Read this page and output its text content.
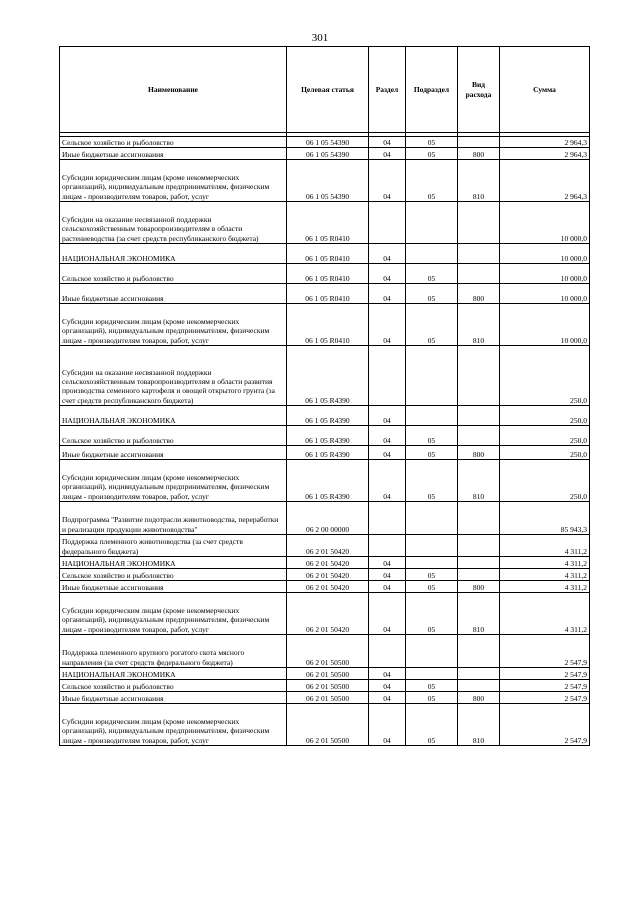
301
Наименование	Целевая статья	Раздел	Подраздел	Вид расхода	Сумма

Сельское хозяйство и рыболовство	06 1 05 54390	04	05		2 964,3
Иные бюджетные ассигнования	06 1 05 54390	04	05	800	2 964,3
Субсидии юридическим лицам (кроме некоммерческих организаций), индивидуальным предпринимателям, физическим лицам - производителям товаров, работ, услуг	06 1 05 54390	04	05	810	2 964,3
Субсидии на оказание несвязанной поддержки сельскохозяйственным товаропроизводителям в области растениеводства (за счет средств республиканского бюджета)	06 1 05 R0410				10 000,0
НАЦИОНАЛЬНАЯ ЭКОНОМИКА	06 1 05 R0410	04			10 000,0
Сельское хозяйство и рыболовство	06 1 05 R0410	04	05		10 000,0
Иные бюджетные ассигнования	06 1 05 R0410	04	05	800	10 000,0
Субсидии юридическим лицам (кроме некоммерческих организаций), индивидуальным предпринимателям, физическим лицам - производителям товаров, работ, услуг	06 1 05 R0410	04	05	810	10 000,0
Субсидии на оказание несвязанной поддержки сельскохозяйственным товаропроизводителям в области развития производства семенного картофеля и овощей открытого грунта (за счет средств республиканского бюджета)	06 1 05 R4390				250,0
НАЦИОНАЛЬНАЯ ЭКОНОМИКА	06 1 05 R4390	04			250,0
Сельское хозяйство и рыболовство	06 1 05 R4390	04	05		250,0
Иные бюджетные ассигнования	06 1 05 R4390	04	05	800	250,0
Субсидии юридическим лицам (кроме некоммерческих организаций), индивидуальным предпринимателям, физическим лицам - производителям товаров, работ, услуг	06 1 05 R4390	04	05	810	250,0
Подпрограмма "Развитие подотрасли животноводства, переработки и реализации продукции животноводства"	06 2 00 00000				85 943,3
Поддержка племенного животноводства (за счет средств федерального бюджета)	06 2 01 50420				4 311,2
НАЦИОНАЛЬНАЯ ЭКОНОМИКА	06 2 01 50420	04			4 311,2
Сельское хозяйство и рыболовство	06 2 01 50420	04	05		4 311,2
Иные бюджетные ассигнования	06 2 01 50420	04	05	800	4 311,2
Субсидии юридическим лицам (кроме некоммерческих организаций), индивидуальным предпринимателям, физическим лицам - производителям товаров, работ, услуг	06 2 01 50420	04	05	810	4 311,2
Поддержка племенного крупного рогатого скота мясного направления (за счет средств федерального бюджета)	06 2 01 50500				2 547,9
НАЦИОНАЛЬНАЯ ЭКОНОМИКА	06 2 01 50500	04			2 547,9
Сельское хозяйство и рыболовство	06 2 01 50500	04	05		2 547,9
Иные бюджетные ассигнования	06 2 01 50500	04	05	800	2 547,9
Субсидии юридическим лицам (кроме некоммерческих организаций), индивидуальным предпринимателям, физическим лицам - производителям товаров, работ, услуг	06 2 01 50500	04	05	810	2 547,9
